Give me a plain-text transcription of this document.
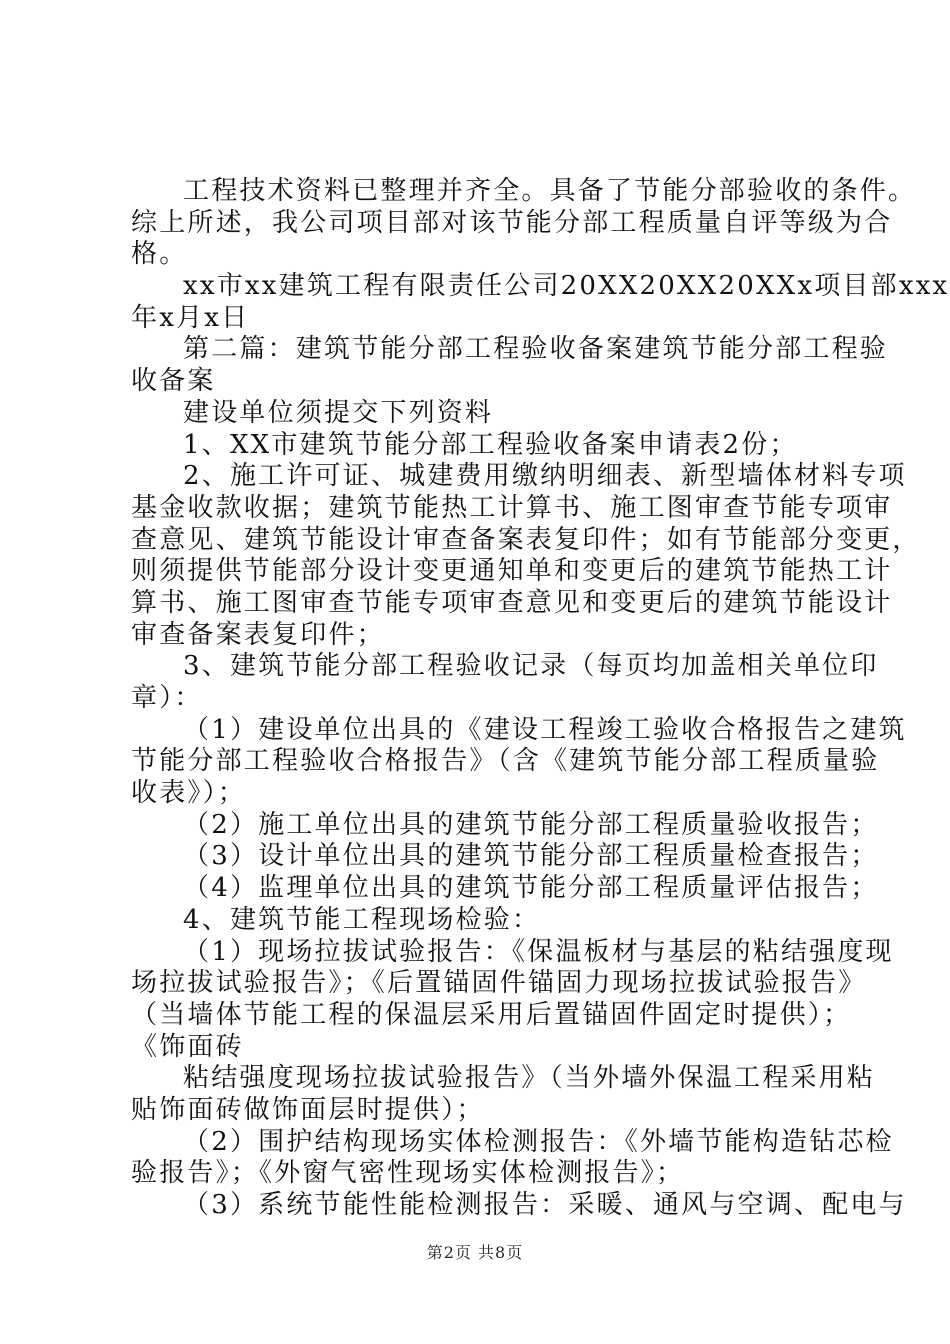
工程技术资料已整理并齐全。具备了节能分部验收的条件。
综上所述，我公司项目部对该节能分部工程质量自评等级为合
格。
xx市xx建筑工程有限责任公司20XX20XX20XXx项目部xxx
年x月x日
第二篇：建筑节能分部工程验收备案建筑节能分部工程验
收备案
建设单位须提交下列资料
1、XX市建筑节能分部工程验收备案申请表2份；
2、施工许可证、城建费用缴纳明细表、新型墙体材料专项
基金收款收据；建筑节能热工计算书、施工图审查节能专项审
查意见、建筑节能设计审查备案表复印件；如有节能部分变更，
则须提供节能部分设计变更通知单和变更后的建筑节能热工计
算书、施工图审查节能专项审查意见和变更后的建筑节能设计
审查备案表复印件；
3、建筑节能分部工程验收记录（每页均加盖相关单位印
章）：
（1）建设单位出具的《建设工程竣工验收合格报告之建筑
节能分部工程验收合格报告》（含《建筑节能分部工程质量验
收表》）；
（2）施工单位出具的建筑节能分部工程质量验收报告；
（3）设计单位出具的建筑节能分部工程质量检查报告；
（4）监理单位出具的建筑节能分部工程质量评估报告；
4、建筑节能工程现场检验：
（1）现场拉拔试验报告：《保温板材与基层的粘结强度现
场拉拔试验报告》；《后置锚固件锚固力现场拉拔试验报告》
（当墙体节能工程的保温层采用后置锚固件固定时提供）；
《饰面砖
粘结强度现场拉拔试验报告》（当外墙外保温工程采用粘
贴饰面砖做饰面层时提供）；
（2）围护结构现场实体检测报告：《外墙节能构造钻芯检
验报告》；《外窗气密性现场实体检测报告》；
（3）系统节能性能检测报告：采暖、通风与空调、配电与
第2页 共8页
